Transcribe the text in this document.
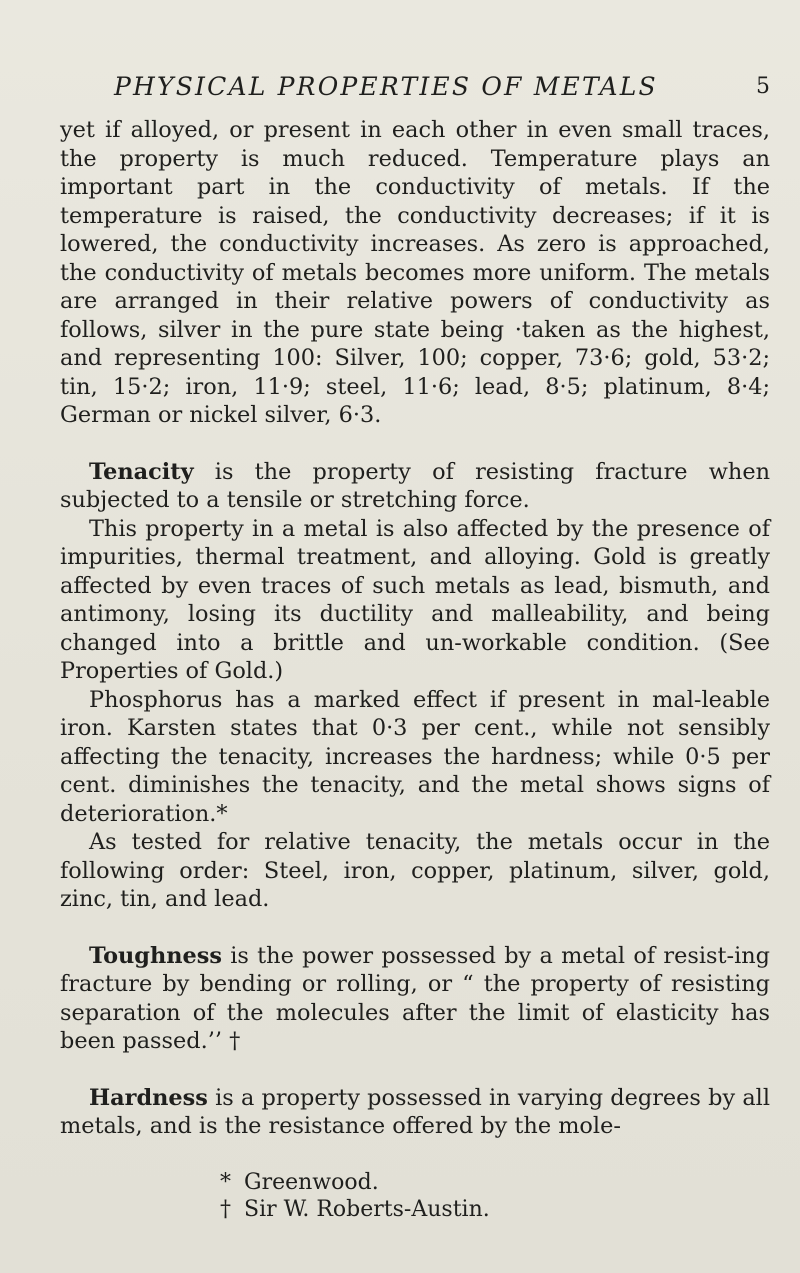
PHYSICAL PROPERTIES OF METALS	5

yet if alloyed, or present in each other in even small traces, the property is much reduced. Temperature plays an important part in the conductivity of metals. If the temperature is raised, the conductivity decreases; if it is lowered, the conductivity increases. As zero is approached, the conductivity of metals becomes more uniform. The metals are arranged in their relative powers of conductivity as follows, silver in the pure state being ·taken as the highest, and representing 100: Silver, 100; copper, 73·6; gold, 53·2; tin, 15·2; iron, 11·9; steel, 11·6; lead, 8·5; platinum, 8·4; German or nickel silver, 6·3.

Tenacity is the property of resisting fracture when subjected to a tensile or stretching force.

This property in a metal is also affected by the presence of impurities, thermal treatment, and alloying. Gold is greatly affected by even traces of such metals as lead, bismuth, and antimony, losing its ductility and malleability, and being changed into a brittle and un-workable condition. (See Properties of Gold.)

Phosphorus has a marked effect if present in mal-leable iron. Karsten states that 0·3 per cent., while not sensibly affecting the tenacity, increases the hardness; while 0·5 per cent. diminishes the tenacity, and the metal shows signs of deterioration.*

As tested for relative tenacity, the metals occur in the following order: Steel, iron, copper, platinum, silver, gold, zinc, tin, and lead.

Toughness is the power possessed by a metal of resist-ing fracture by bending or rolling, or “ the property of resisting separation of the molecules after the limit of elasticity has been passed.’’ †

Hardness is a property possessed in varying degrees by all metals, and is the resistance offered by the mole-

* Greenwood.
† Sir W. Roberts-Austin.
